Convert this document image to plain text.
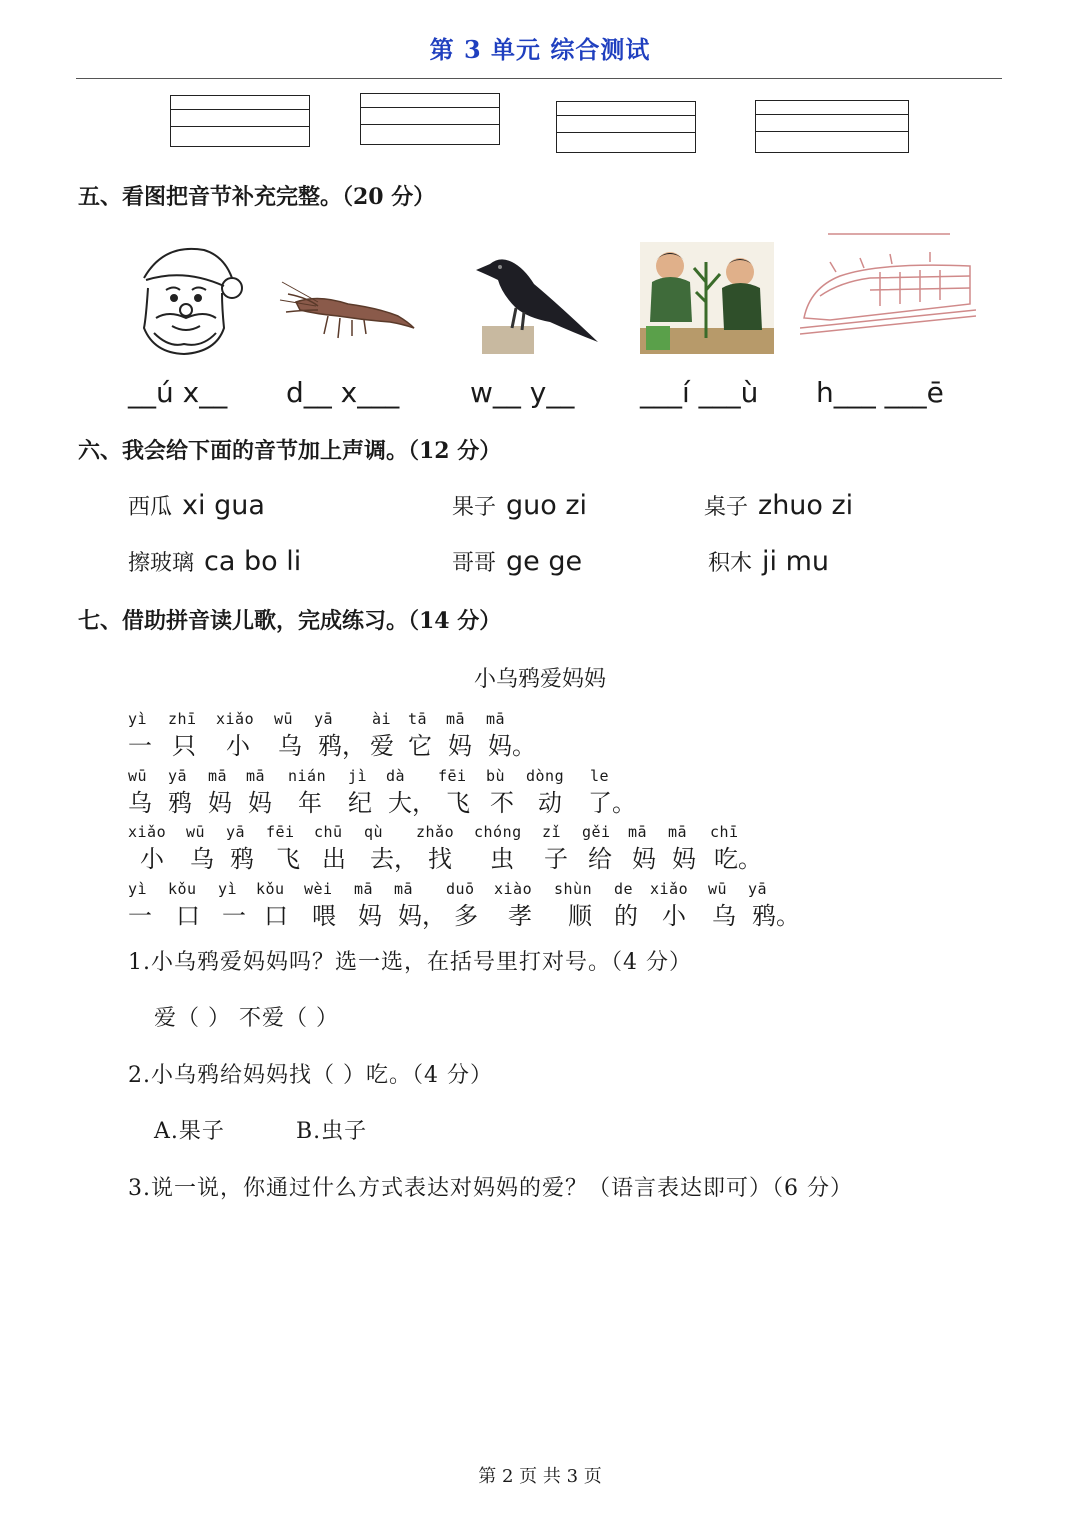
第 3 单元 综合测试
五、看图把音节补充完整。（20 分）
__ú x__ d__ x___	w__ y__ ___í ___ù h___ ___ē
六、我会给下面的音节加上声调。（12 分）
西瓜 xi gua	果子 guo zi	桌子 zhuo zi
擦玻璃 ca bo li	哥哥 ge ge	积木 ji mu
七、借助拼音读儿歌，完成练习。（14 分）
小乌鸦爱妈妈
yì zhī xiǎo wū yā	ài tā mā mā
一 只 小 乌 鸦， 爱 它 妈 妈。
wū yā mā mā nián jì dà fēi bù dòng le
乌 鸦 妈 妈 年 纪 大， 飞 不 动 了。
xiǎo wū yā fēi chū qù zhǎo chóng zǐ gěi mā mā chī
小 乌 鸦 飞 出 去， 找 虫 子 给 妈 妈 吃。
yì kǒu yì kǒu wèi mā mā duō xiào shùn de xiǎo wū yā
一 口 一 口 喂 妈 妈， 多 孝 顺 的 小 乌 鸦。
1.小乌鸦爱妈妈吗？选一选，在括号里打对号。（4 分）
爱（ ） 不爱（ ）
2.小乌鸦给妈妈找（ ）吃。（4 分）
A.果子	B.虫子
3.说一说，你通过什么方式表达对妈妈的爱？（语言表达即可）（6 分）
第 2 页 共 3 页
